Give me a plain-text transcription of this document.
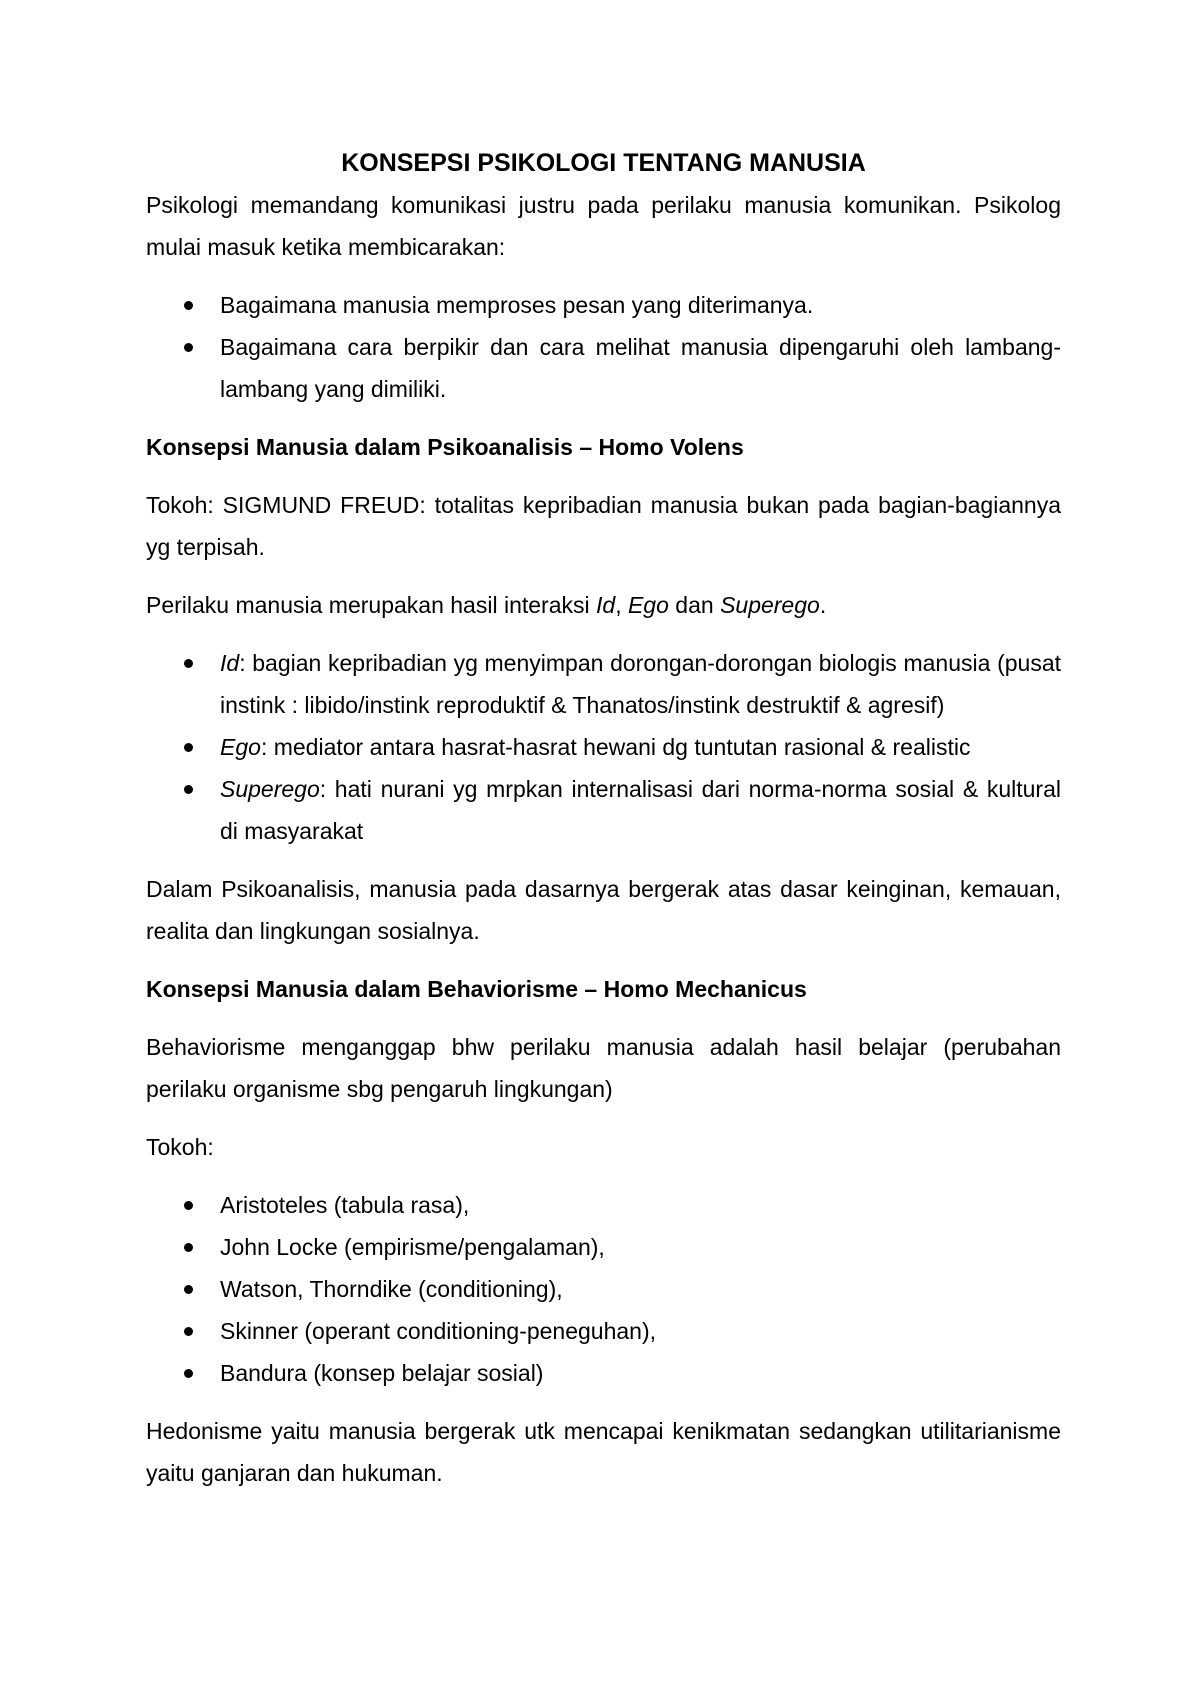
KONSEPSI PSIKOLOGI TENTANG MANUSIA

Psikologi memandang komunikasi justru pada perilaku manusia komunikan. Psikolog mulai masuk ketika membicarakan:

Bagaimana manusia memproses pesan yang diterimanya.
Bagaimana cara berpikir dan cara melihat manusia dipengaruhi oleh lambang-lambang yang dimiliki.
Konsepsi Manusia dalam Psikoanalisis – Homo Volens

Tokoh: SIGMUND FREUD: totalitas kepribadian manusia bukan pada bagian-bagiannya yg terpisah.

Perilaku manusia merupakan hasil interaksi Id, Ego dan Superego.

Id: bagian kepribadian yg menyimpan dorongan-dorongan biologis manusia (pusat instink : libido/instink reproduktif & Thanatos/instink destruktif & agresif)
Ego: mediator antara hasrat-hasrat hewani dg tuntutan rasional & realistic
Superego: hati nurani yg mrpkan internalisasi dari norma-norma sosial & kultural di masyarakat

Dalam Psikoanalisis, manusia pada dasarnya bergerak atas dasar keinginan, kemauan, realita dan lingkungan sosialnya.

Konsepsi Manusia dalam Behaviorisme – Homo Mechanicus

Behaviorisme menganggap bhw perilaku manusia adalah hasil belajar (perubahan perilaku organisme sbg pengaruh lingkungan)

Tokoh:

Aristoteles (tabula rasa),
John Locke (empirisme/pengalaman),
Watson, Thorndike (conditioning),
Skinner (operant conditioning-peneguhan),
Bandura (konsep belajar sosial)

Hedonisme yaitu manusia bergerak utk mencapai kenikmatan sedangkan utilitarianisme yaitu ganjaran dan hukuman.
